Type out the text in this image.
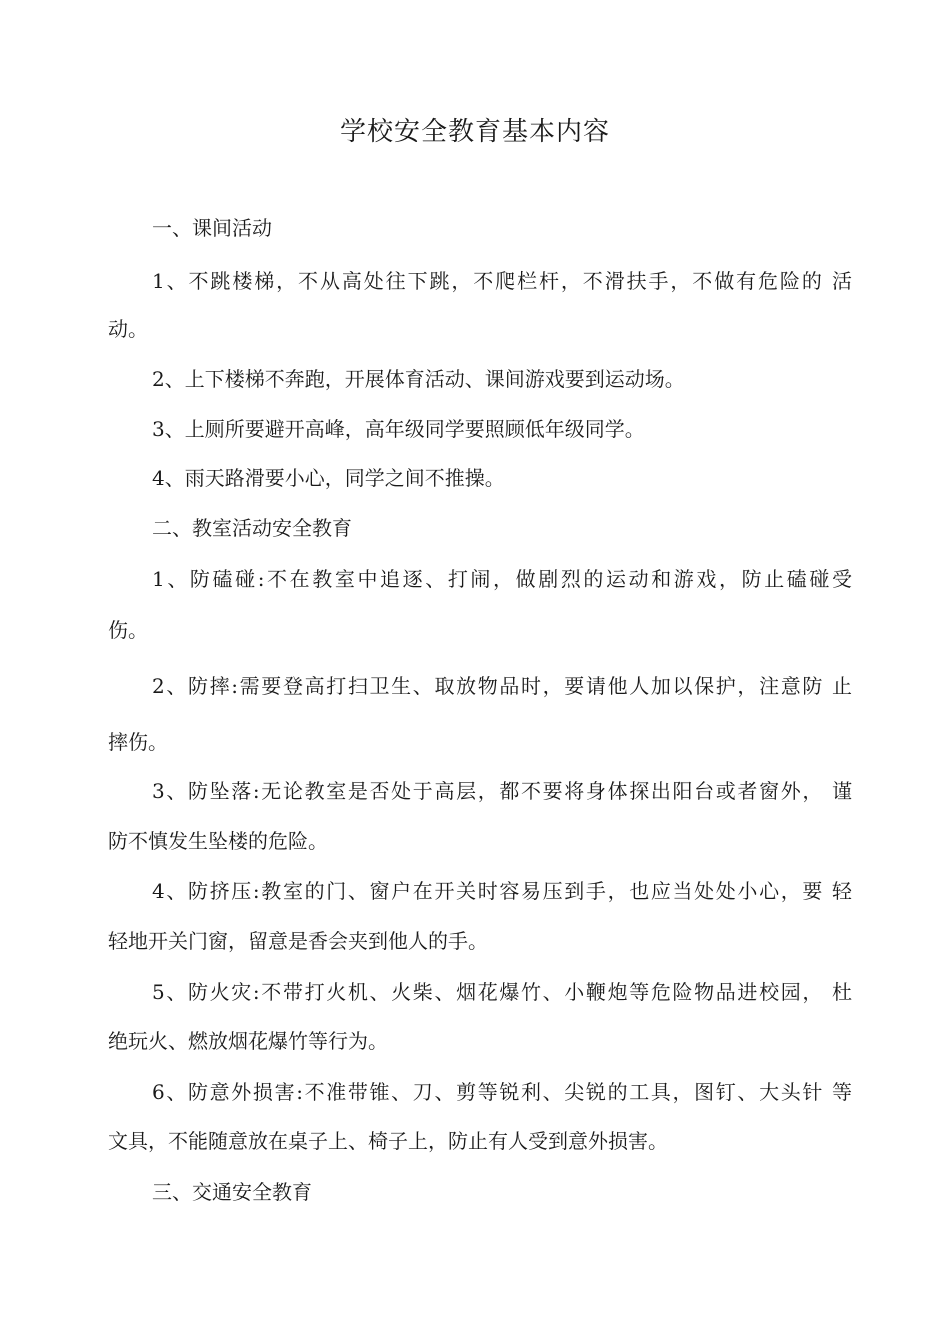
学校安全教育基本内容
一、课间活动
1、不跳楼梯，不从高处往下跳，不爬栏杆，不滑扶手，不做有危险的 活
动。
2、上下楼梯不奔跑，开展体育活动、课间游戏要到运动场。
3、上厕所要避开高峰，高年级同学要照顾低年级同学。
4、雨天路滑要小心，同学之间不推操。
二、教室活动安全教育
1、防磕碰:不在教室中追逐、打闹，做剧烈的运动和游戏，防止磕碰受
伤。
2、防摔:需要登高打扫卫生、取放物品时，要请他人加以保护，注意防 止
摔伤。
3、防坠落:无论教室是否处于高层，都不要将身体探出阳台或者窗外， 谨
防不慎发生坠楼的危险。
4、防挤压:教室的门、窗户在开关时容易压到手，也应当处处小心，要 轻
轻地开关门窗，留意是香会夹到他人的手。
5、防火灾:不带打火机、火柴、烟花爆竹、小鞭炮等危险物品进校园， 杜
绝玩火、燃放烟花爆竹等行为。
6、防意外损害:不准带锥、刀、剪等锐利、尖锐的工具，图钉、大头针 等
文具，不能随意放在桌子上、椅子上，防止有人受到意外损害。
三、交通安全教育
